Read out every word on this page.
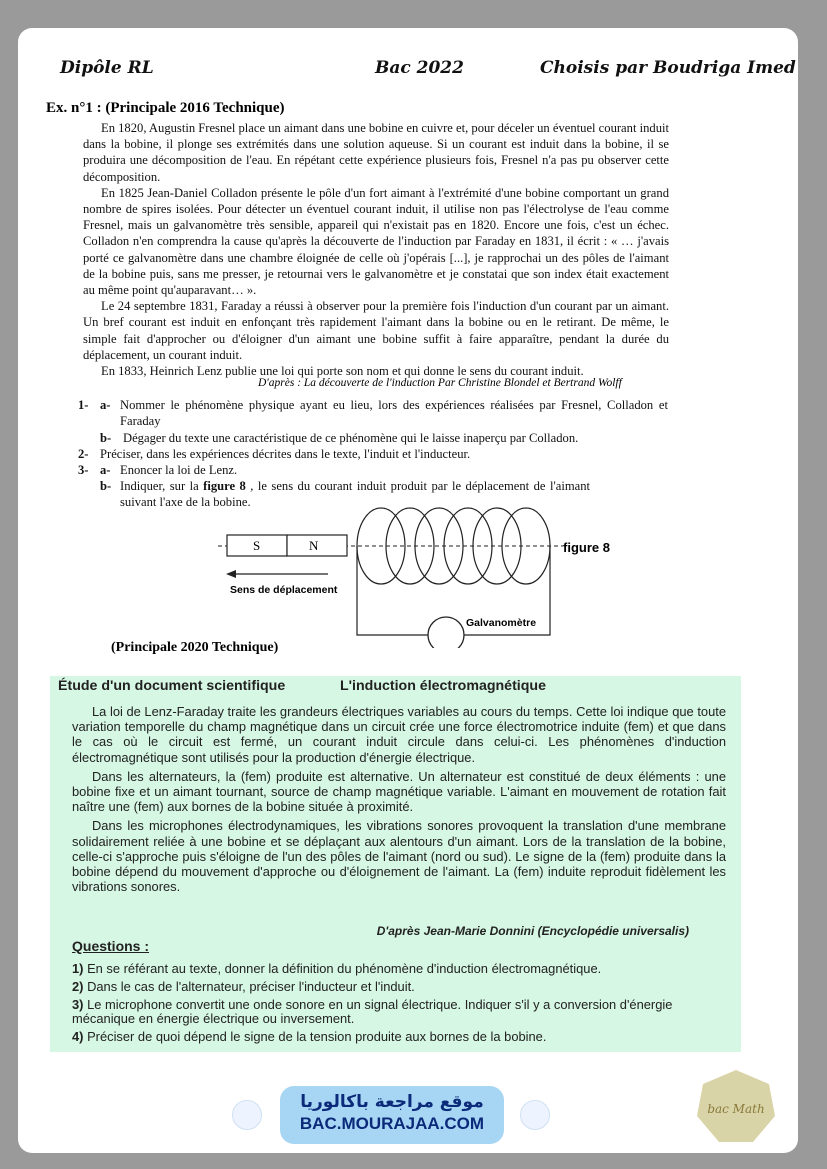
Dipôle RL	Bac 2022	Choisis par Boudriga Imed
Ex. n°1 : (Principale 2016 Technique)

En 1820, Augustin Fresnel place un aimant dans une bobine en cuivre et, pour déceler un éventuel courant induit dans la bobine, il plonge ses extrémités dans une solution aqueuse. Si un courant est induit dans la bobine, il se produira une décomposition de l'eau. En répétant cette expérience plusieurs fois, Fresnel n'a pas pu observer cette décomposition.

En 1825 Jean-Daniel Colladon présente le pôle d'un fort aimant à l'extrémité d'une bobine comportant un grand nombre de spires isolées. Pour détecter un éventuel courant induit, il utilise non pas l'électrolyse de l'eau comme Fresnel, mais un galvanomètre très sensible, appareil qui n'existait pas en 1820. Encore une fois, c'est un échec. Colladon n'en comprendra la cause qu'après la découverte de l'induction par Faraday en 1831, il écrit : « … j'avais porté ce galvanomètre dans une chambre éloignée de celle où j'opérais [...], je rapprochai un des pôles de l'aimant de la bobine puis, sans me presser, je retournai vers le galvanomètre et je constatai que son index était exactement au même point qu'auparavant… ».

Le 24 septembre 1831, Faraday a réussi à observer pour la première fois l'induction d'un courant par un aimant. Un bref courant est induit en enfonçant très rapidement l'aimant dans la bobine ou en le retirant. De même, le simple fait d'approcher ou d'éloigner d'un aimant une bobine suffit à faire apparaître, pendant la durée du déplacement, un courant induit.

En 1833, Heinrich Lenz publie une loi qui porte son nom et qui donne le sens du courant induit.

D'après : La découverte de l'induction Par Christine Blondel et Bertrand Wolff
1- a- Nommer le phénomène physique ayant eu lieu, lors des expériences réalisées par Fresnel, Colladon et Faraday
b- Dégager du texte une caractéristique de ce phénomène qui le laisse inaperçu par Colladon.
2- Préciser, dans les expériences décrites dans le texte, l'induit et l'inducteur.
3- a- Enoncer la loi de Lenz.
b- Indiquer, sur la figure 8 , le sens du courant induit produit par le déplacement de l'aimant suivant l'axe de la bobine.
S	N
Sens de déplacement
Galvanomètre
figure 8
(Principale 2020 Technique)
Étude d'un document scientifique	L'induction électromagnétique

La loi de Lenz-Faraday traite les grandeurs électriques variables au cours du temps. Cette loi indique que toute variation temporelle du champ magnétique dans un circuit crée une force électromotrice induite (fem) et que dans le cas où le circuit est fermé, un courant induit circule dans celui-ci. Les phénomènes d'induction électromagnétique sont utilisés pour la production d'énergie électrique.

Dans les alternateurs, la (fem) produite est alternative. Un alternateur est constitué de deux éléments : une bobine fixe et un aimant tournant, source de champ magnétique variable. L'aimant en mouvement de rotation fait naître une (fem) aux bornes de la bobine située à proximité.

Dans les microphones électrodynamiques, les vibrations sonores provoquent la translation d'une membrane solidairement reliée à une bobine et se déplaçant aux alentours d'un aimant. Lors de la translation de la bobine, celle-ci s'approche puis s'éloigne de l'un des pôles de l'aimant (nord ou sud). Le signe de la (fem) produite dans la bobine dépend du mouvement d'approche ou d'éloignement de l'aimant. La (fem) induite reproduit fidèlement les vibrations sonores.

D'après Jean-Marie Donnini (Encyclopédie universalis)
Questions :
1) En se référant au texte, donner la définition du phénomène d'induction électromagnétique.
2) Dans le cas de l'alternateur, préciser l'inducteur et l'induit.
3) Le microphone convertit une onde sonore en un signal électrique. Indiquer s'il y a conversion d'énergie mécanique en énergie électrique ou inversement.
4) Préciser de quoi dépend le signe de la tension produite aux bornes de la bobine.
موقع مراجعة باكالوريا
BAC.MOURAJAA.COM
bac Math
